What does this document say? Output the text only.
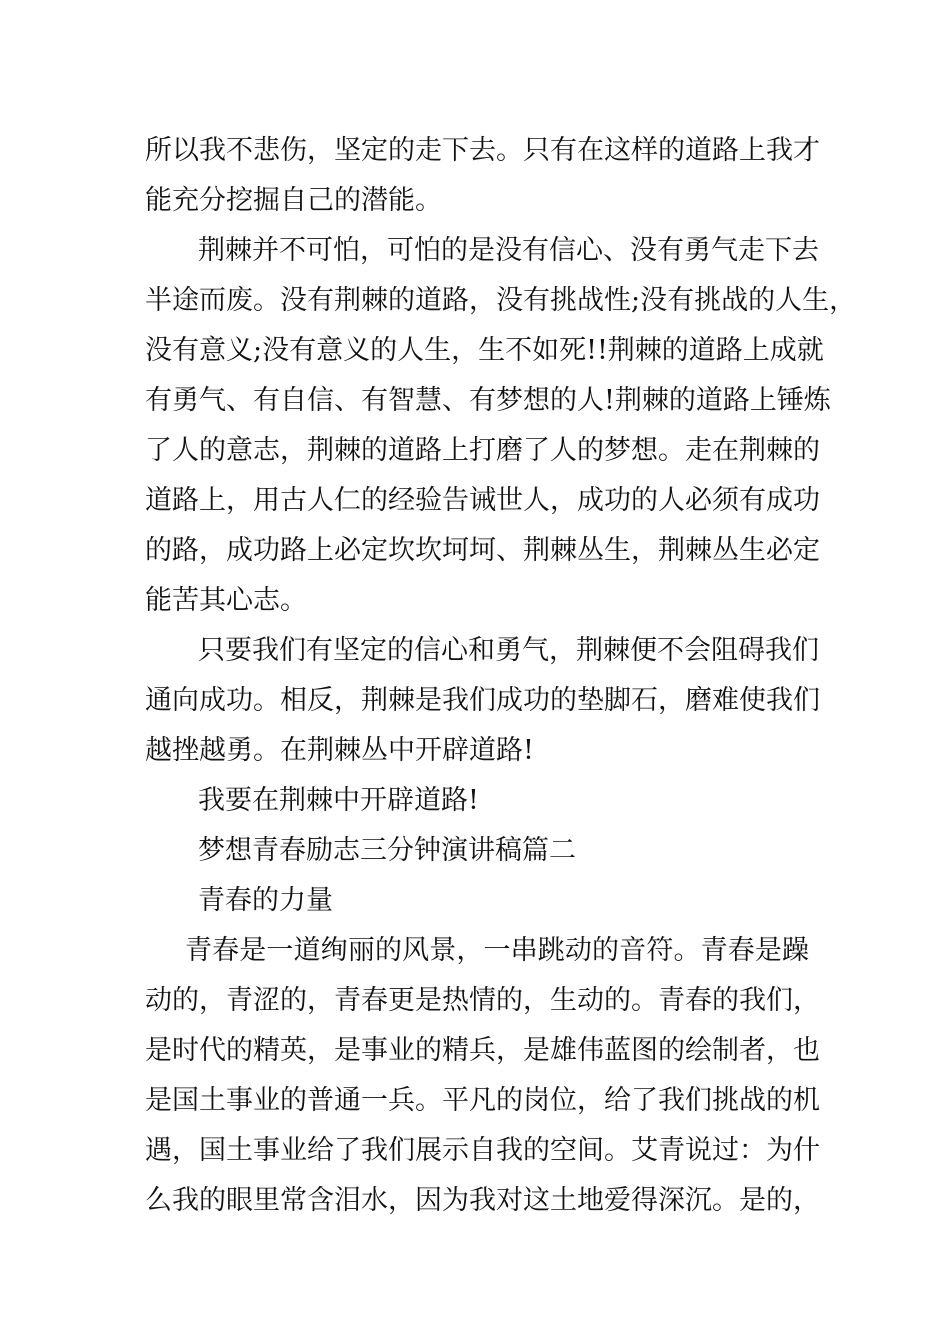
所以我不悲伤，坚定的走下去。只有在这样的道路上我才
能充分挖掘自己的潜能。
荆棘并不可怕，可怕的是没有信心、没有勇气走下去
半途而废。没有荆棘的道路，没有挑战性;没有挑战的人生，
没有意义;没有意义的人生，生不如死!!荆棘的道路上成就
有勇气、有自信、有智慧、有梦想的人!荆棘的道路上锤炼
了人的意志，荆棘的道路上打磨了人的梦想。走在荆棘的
道路上，用古人仁的经验告诫世人，成功的人必须有成功
的路，成功路上必定坎坎坷坷、荆棘丛生，荆棘丛生必定
能苦其心志。
只要我们有坚定的信心和勇气，荆棘便不会阻碍我们
通向成功。相反，荆棘是我们成功的垫脚石，磨难使我们
越挫越勇。在荆棘丛中开辟道路!
我要在荆棘中开辟道路!
梦想青春励志三分钟演讲稿篇二
青春的力量
青春是一道绚丽的风景，一串跳动的音符。青春是躁
动的，青涩的，青春更是热情的，生动的。青春的我们，
是时代的精英，是事业的精兵，是雄伟蓝图的绘制者，也
是国土事业的普通一兵。平凡的岗位，给了我们挑战的机
遇，国土事业给了我们展示自我的空间。艾青说过：为什
么我的眼里常含泪水，因为我对这土地爱得深沉。是的，
